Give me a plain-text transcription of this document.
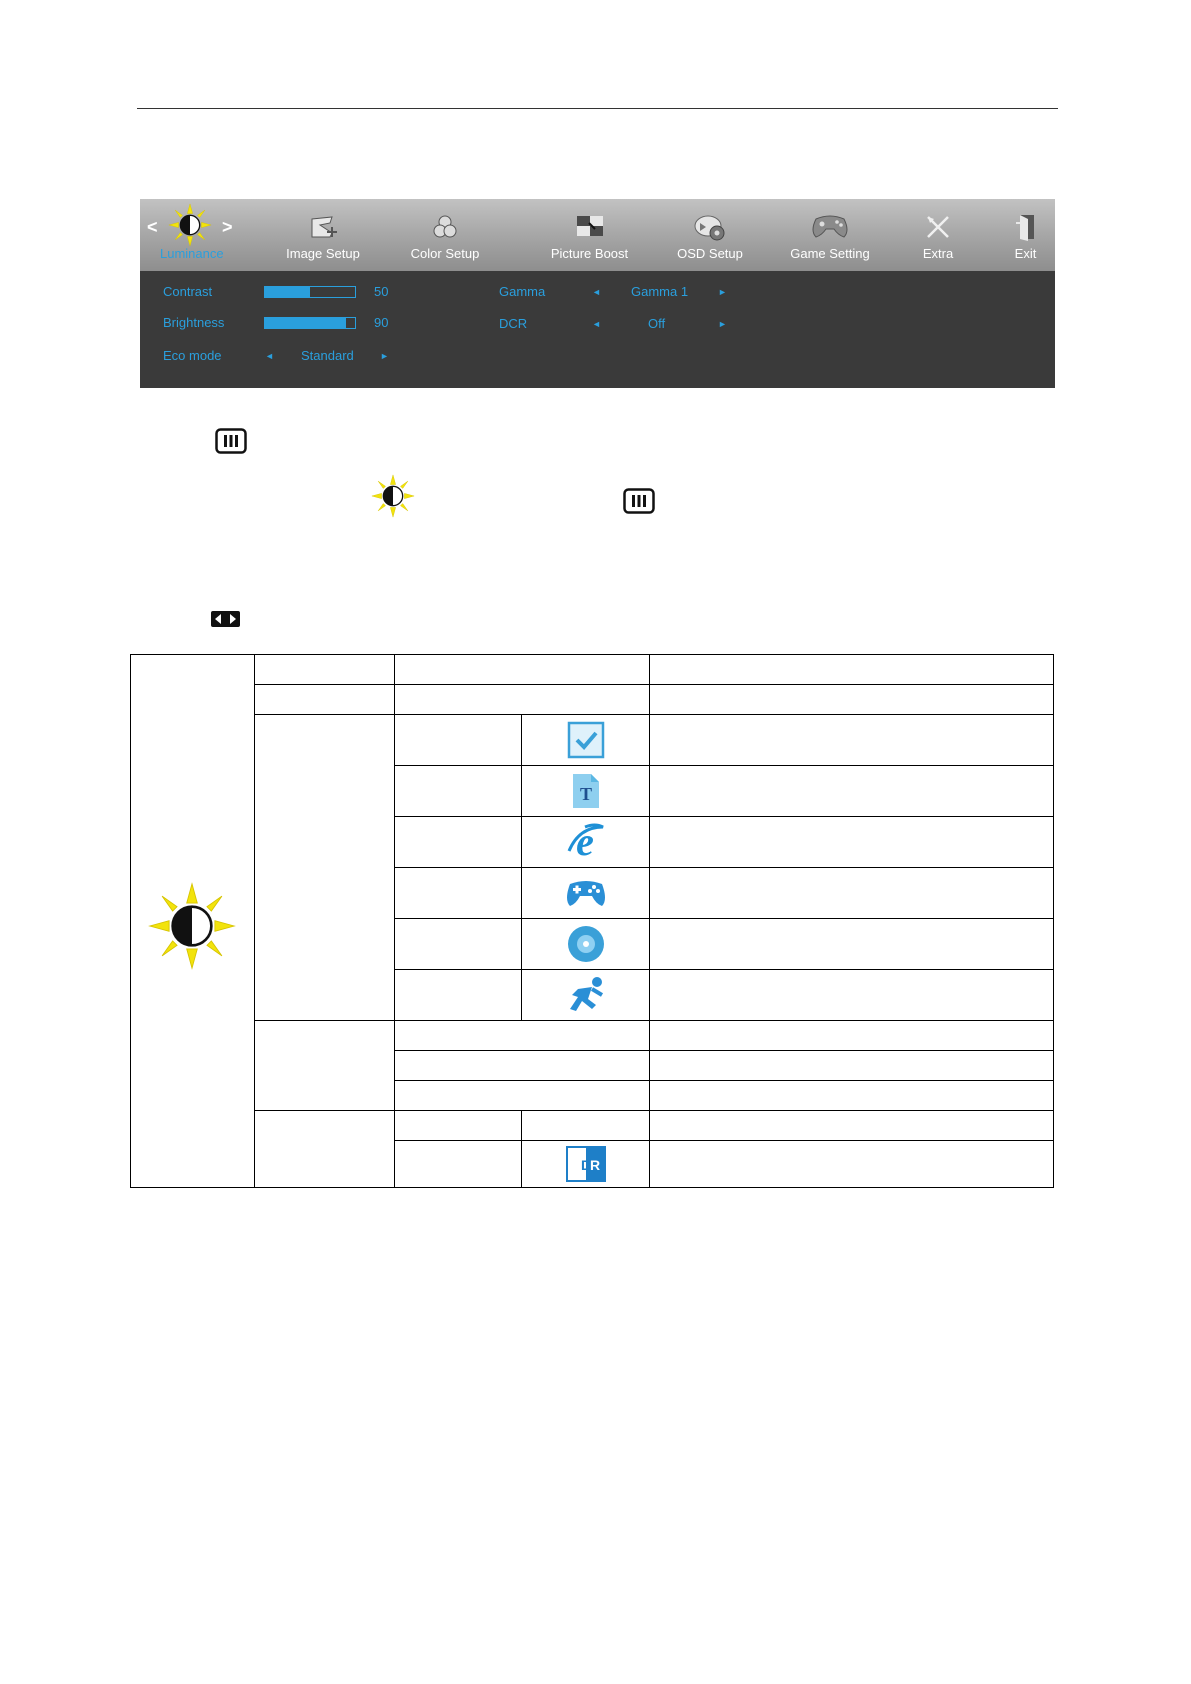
<	>
Luminance	Image Setup	Color Setup	Picture Boost	OSD Setup	Game Setting	Extra	Exit
Contrast	50
Brightness	90
Eco mode	◄ Standard	►
Gamma	◄ Gamma 1	►
DCR	◄	Off	►
T
e
D
R
